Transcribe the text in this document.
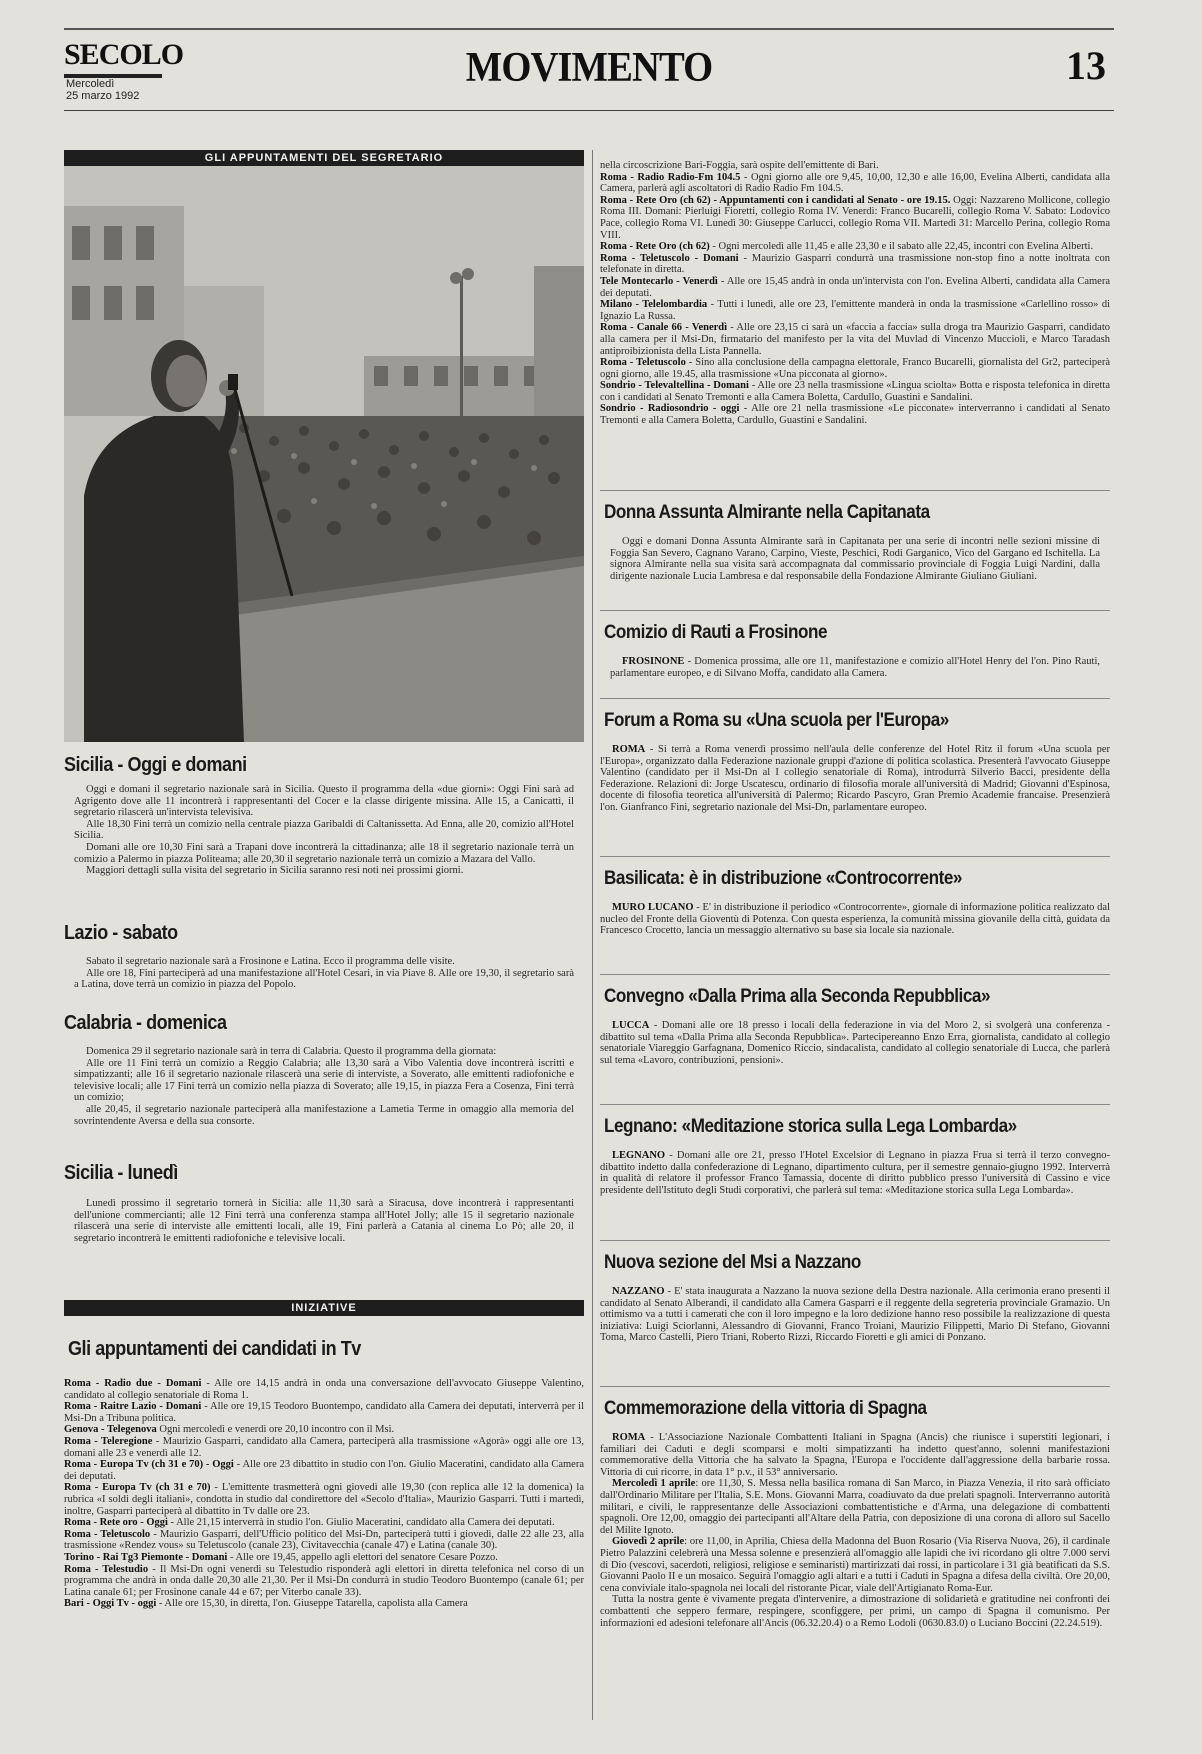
SECOLO
Mercoledì
25 marzo 1992
MOVIMENTO	13
GLI APPUNTAMENTI DEL SEGRETARIO
Sicilia - Oggi e domani

Oggi e domani il segretario nazionale sarà in Sicilia. Questo il programma della «due giorni»: Oggi Fini sarà ad Agrigento dove alle 11 incontrerà i rappresentanti del Cocer e la classe dirigente missina. Alle 15, a Canicattì, il segretario rilascerà un'intervista televisiva.

Alle 18,30 Fini terrà un comizio nella centrale piazza Garibaldi di Caltanissetta. Ad Enna, alle 20, comizio all'Hotel Sicilia.

Domani alle ore 10,30 Fini sarà a Trapani dove incontrerà la cittadinanza; alle 18 il segretario nazionale terrà un comizio a Palermo in piazza Politeama; alle 20,30 il segretario nazionale terrà un comizio a Mazara del Vallo.

Maggiori dettagli sulla visita del segretario in Sicilia saranno resi noti nei prossimi giorni.

Lazio - sabato

Sabato il segretario nazionale sarà a Frosinone e Latina. Ecco il programma delle visite.

Alle ore 18, Fini parteciperà ad una manifestazione all'Hotel Cesari, in via Piave 8. Alle ore 19,30, il segretario sarà a Latina, dove terrà un comizio in piazza del Popolo.

Calabria - domenica

Domenica 29 il segretario nazionale sarà in terra di Calabria. Questo il programma della giornata:

Alle ore 11 Fini terrà un comizio a Reggio Calabria; alle 13,30 sarà a Vibo Valentia dove incontrerà iscritti e simpatizzanti; alle 16 il segretario nazionale rilascerà una serie di interviste, a Soverato, alle emittenti radiofoniche e televisive locali; alle 17 Fini terrà un comizio nella piazza di Soverato; alle 19,15, in piazza Fera a Cosenza, Fini terrà un comizio;

alle 20,45, il segretario nazionale parteciperà alla manifestazione a Lametia Terme in omaggio alla memoria del sovrintendente Aversa e della sua consorte.

Sicilia - lunedì

Lunedì prossimo il segretario tornerà in Sicilia: alle 11,30 sarà a Siracusa, dove incontrerà i rappresentanti dell'unione commercianti; alle 12 Fini terrà una conferenza stampa all'Hotel Jolly; alle 15 il segretario nazionale rilascerà una serie di interviste alle emittenti locali, alle 19, Fini parlerà a Catania al cinema Lo Pò; alle 20, il segretario incontrerà le emittenti radiofoniche e televisive locali.

INIZIATIVE
Gli appuntamenti dei candidati in Tv
Roma - Radio due - Domani - Alle ore 14,15 andrà in onda una conversazione dell'avvocato Giuseppe Valentino, candidato al collegio senatoriale di Roma 1.
Roma - Raitre Lazio - Domani - Alle ore 19,15 Teodoro Buontempo, candidato alla Camera dei deputati, interverrà per il Msi-Dn a Tribuna politica.
Genova - Telegenova Ogni mercoledì e venerdì ore 20,10 incontro con il Msi.
Roma - Teleregione - Maurizio Gasparri, candidato alla Camera, parteciperà alla trasmissione «Agorà» oggi alle ore 13, domani alle 23 e venerdì alle 12.
Roma - Europa Tv (ch 31 e 70) - Oggi - Alle ore 23 dibattito in studio con l'on. Giulio Maceratini, candidato alla Camera dei deputati.
Roma - Europa Tv (ch 31 e 70) - L'emittente trasmetterà ogni giovedì alle 19,30 (con replica alle 12 la domenica) la rubrica «I soldi degli italiani», condotta in studio dal condirettore del «Secolo d'Italia», Maurizio Gasparri. Tutti i martedì, inoltre, Gasparri parteciperà al dibattito in Tv dalle ore 23.
Roma - Rete oro - Oggi - Alle 21,15 interverrà in studio l'on. Giulio Maceratini, candidato alla Camera dei deputati.
Roma - Teletuscolo - Maurizio Gasparri, dell'Ufficio politico del Msi-Dn, parteciperà tutti i giovedì, dalle 22 alle 23, alla trasmissione «Rendez vous» su Teletuscolo (canale 23), Civitavecchia (canale 47) e Latina (canale 30).
Torino - Rai Tg3 Piemonte - Domani - Alle ore 19,45, appello agli elettori del senatore Cesare Pozzo.
Roma - Telestudio - Il Msi-Dn ogni venerdì su Telestudio risponderà agli elettori in diretta telefonica nel corso di un programma che andrà in onda dalle 20,30 alle 21,30. Per il Msi-Dn condurrà in studio Teodoro Buontempo (canale 61; per Latina canale 61; per Frosinone canale 44 e 67; per Viterbo canale 33).
Bari - Oggi Tv - oggi - Alle ore 15,30, in diretta, l'on. Giuseppe Tatarella, capolista alla Camera
nella circoscrizione Bari-Foggia, sarà ospite dell'emittente di Bari.
Roma - Radio Radio-Fm 104.5 - Ogni giorno alle ore 9,45, 10,00, 12,30 e alle 16,00, Evelina Alberti, candidata alla Camera, parlerà agli ascoltatori di Radio Radio Fm 104.5.
Roma - Rete Oro (ch 62) - Appuntamenti con i candidati al Senato - ore 19.15. Oggi: Nazzareno Mollicone, collegio Roma III. Domani: Pierluigi Fioretti, collegio Roma IV. Venerdì: Franco Bucarelli, collegio Roma V. Sabato: Lodovico Pace, collegio Roma VI. Lunedì 30: Giuseppe Carlucci, collegio Roma VII. Martedì 31: Marcello Perina, collegio Roma VIII.
Roma - Rete Oro (ch 62) - Ogni mercoledì alle 11,45 e alle 23,30 e il sabato alle 22,45, incontri con Evelina Alberti.
Roma - Teletuscolo - Domani - Maurizio Gasparri condurrà una trasmissione non-stop fino a notte inoltrata con telefonate in diretta.
Tele Montecarlo - Venerdì - Alle ore 15,45 andrà in onda un'intervista con l'on. Evelina Alberti, candidata alla Camera dei deputati.
Milano - Telelombardia - Tutti i lunedì, alle ore 23, l'emittente manderà in onda la trasmissione «Carlellino rosso» di Ignazio La Russa.
Roma - Canale 66 - Venerdì - Alle ore 23,15 ci sarà un «faccia a faccia» sulla droga tra Maurizio Gasparri, candidato alla camera per il Msi-Dn, firmatario del manifesto per la vita del Muvlad di Vincenzo Muccioli, e Marco Taradash antiproibizionista della Lista Pannella.
Roma - Teletuscolo - Sino alla conclusione della campagna elettorale, Franco Bucarelli, giornalista del Gr2, parteciperà ogni giorno, alle 19.45, alla trasmissione «Una picconata al giorno».
Sondrio - Televaltellina - Domani - Alle ore 23 nella trasmissione «Lingua sciolta» Botta e risposta telefonica in diretta con i candidati al Senato Tremonti e alla Camera Boletta, Cardullo, Guastini e Sandalini.
Sondrio - Radiosondrio - oggi - Alle ore 21 nella trasmissione «Le picconate» interverranno i candidati al Senato Tremonti e alla Camera Boletta, Cardullo, Guastini e Sandalini.
Donna Assunta Almirante nella Capitanata

Oggi e domani Donna Assunta Almirante sarà in Capitanata per una serie di incontri nelle sezioni missine di Foggia San Severo, Cagnano Varano, Carpino, Vieste, Peschici, Rodi Garganico, Vico del Gargano ed Ischitella. La signora Almirante nella sua visita sarà accompagnata dal commissario provinciale di Foggia Luigi Nardini, dalla dirigente nazionale Lucia Lambresa e dal responsabile della Fondazione Almirante Giuliano Giuliani.

Comizio di Rauti a Frosinone

FROSINONE - Domenica prossima, alle ore 11, manifestazione e comizio all'Hotel Henry del l'on. Pino Rauti, parlamentare europeo, e di Silvano Moffa, candidato alla Camera.

Forum a Roma su «Una scuola per l'Europa»

ROMA - Si terrà a Roma venerdì prossimo nell'aula delle conferenze del Hotel Ritz il forum «Una scuola per l'Europa», organizzato dalla Federazione nazionale gruppi d'azione di politica scolastica. Presenterà l'avvocato Giuseppe Valentino (candidato per il Msi-Dn al I collegio senatoriale di Roma), introdurrà Silverio Bacci, presidente della Federazione. Relazioni di: Jorge Uscatescu, ordinario di filosofia morale all'università di Madrid; Giovanni d'Espinosa, docente di filosofia teoretica all'università di Palermo; Ricardo Pascyro, Gran Premio Academie francaise. Presenzierà l'on. Gianfranco Fini, segretario nazionale del Msi-Dn, parlamentare europeo.

Basilicata: è in distribuzione «Controcorrente»

MURO LUCANO - E' in distribuzione il periodico «Controcorrente», giornale di informazione politica realizzato dal nucleo del Fronte della Gioventù di Potenza. Con questa esperienza, la comunità missina giovanile della città, guidata da Francesco Crocetto, lancia un messaggio alternativo su base sia locale sia nazionale.

Convegno «Dalla Prima alla Seconda Repubblica»

LUCCA - Domani alle ore 18 presso i locali della federazione in via del Moro 2, si svolgerà una conferenza - dibattito sul tema «Dalla Prima alla Seconda Repubblica». Partecipereanno Enzo Erra, giornalista, candidato al collegio senatoriale Viareggio Garfagnana, Domenico Riccio, sindacalista, candidato al collegio senatoriale di Lucca, che parlerà sul tema «Lavoro, contribuzioni, pensioni».

Legnano: «Meditazione storica sulla Lega Lombarda»

LEGNANO - Domani alle ore 21, presso l'Hotel Excelsior di Legnano in piazza Frua si terrà il terzo convegno-dibattito indetto dalla confederazione di Legnano, dipartimento cultura, per il semestre gennaio-giugno 1992. Interverrà in qualità di relatore il professor Franco Tamassia, docente di diritto pubblico presso l'università di Cassino e vice presidente dell'Istituto degli Studi corporativi, che parlerà sul tema: «Meditazione storica sulla Lega Lombarda».

Nuova sezione del Msi a Nazzano

NAZZANO - E' stata inaugurata a Nazzano la nuova sezione della Destra nazionale. Alla cerimonia erano presenti il candidato al Senato Alberandi, il candidato alla Camera Gasparri e il reggente della segreteria provinciale Gramazio. Un ottimismo va a tutti i camerati che con il loro impegno e la loro dedizione hanno reso possibile la realizzazione di questa iniziativa: Luigi Sciorlanni, Alessandro di Giovanni, Franco Troiani, Maurizio Filippetti, Mario Di Stefano, Giovanni Toma, Marco Castelli, Piero Triani, Roberto Rizzi, Riccardo Fioretti e gli amici di Ponzano.

Commemorazione della vittoria di Spagna

ROMA - L'Associazione Nazionale Combattenti Italiani in Spagna (Ancis) che riunisce i superstiti legionari, i familiari dei Caduti e degli scomparsi e molti simpatizzanti ha indetto quest'anno, solenni manifestazioni commemorative della Vittoria che ha salvato la Spagna, l'Europa e l'occidente dall'aggressione della barbarie rossa. Vittoria di cui ricorre, in data 1° p.v., il 53° anniversario.

Mercoledì 1 aprile: ore 11,30, S. Messa nella basilica romana di San Marco, in Piazza Venezia, il rito sarà officiato dall'Ordinario Militare per l'Italia, S.E. Mons. Giovanni Marra, coadiuvato da due prelati spagnoli. Interverranno autorità militari, e civili, le rappresentanze delle Associazioni combattentistiche e d'Arma, una delegazione di combattenti spagnoli. Ore 12,00, omaggio dei partecipanti all'Altare della Patria, con deposizione di una corona di alloro sul Sacello del Milite Ignoto.

Giovedì 2 aprile: ore 11,00, in Aprilia, Chiesa della Madonna del Buon Rosario (Via Riserva Nuova, 26), il cardinale Pietro Palazzini celebrerà una Messa solenne e presenzierà all'omaggio alle lapidi che ivi ricordano gli oltre 7.000 servi di Dio (vescovi, sacerdoti, religiosi, religiose e seminaristi) martirizzati dai rossi, in particolare i 31 già beatificati da S.S. Giovanni Paolo II e un mosaico. Seguirà l'omaggio agli altari e a tutti i Caduti in Spagna a difesa della civiltà. Ore 20,00, cena conviviale italo-spagnola nei locali del ristorante Picar, viale dell'Artigianato Roma-Eur.

Tutta la nostra gente è vivamente pregata d'intervenire, a dimostrazione di solidarietà e gratitudine nei confronti dei combattenti che seppero fermare, respingere, sconfiggere, per primi, un campo di Spagna il comunismo. Per informazioni ed adesioni telefonare all'Ancis (06.32.20.4) o a Remo Lodoli (0630.83.0) o Luciano Boccini (22.24.519).
